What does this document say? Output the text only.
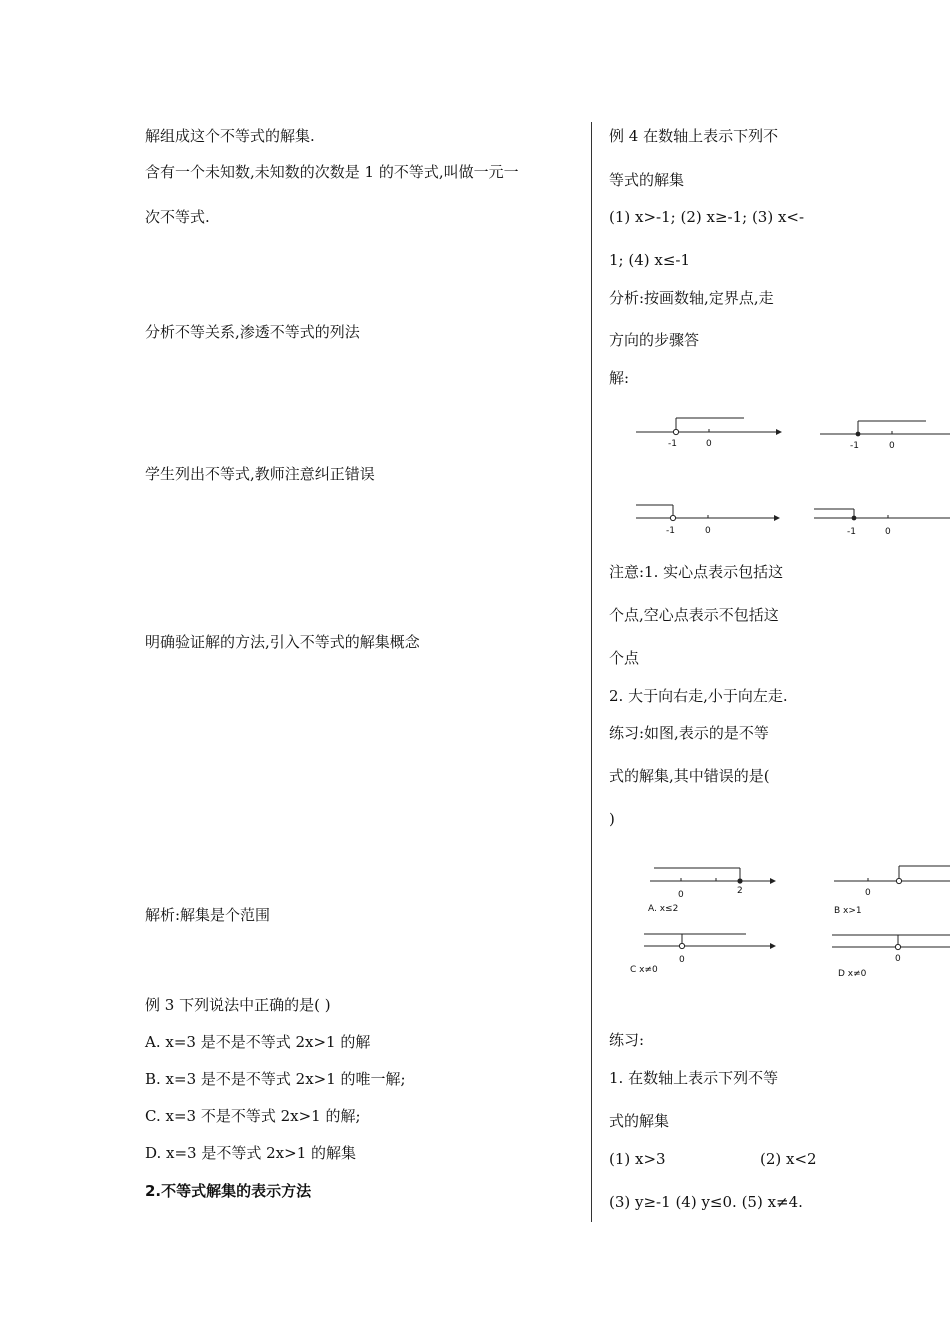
解组成这个不等式的解集.
含有一个未知数,未知数的次数是 1 的不等式,叫做一元一
次不等式.
分析不等关系,渗透不等式的列法
学生列出不等式,教师注意纠正错误
明确验证解的方法,引入不等式的解集概念
解析:解集是个范围
例 3 下列说法中正确的是( )
A. x=3 是不是不等式 2x>1 的解
B. x=3 是不是不等式 2x>1 的唯一解;
C. x=3 不是不等式 2x>1 的解;
D. x=3 是不等式 2x>1 的解集
2.不等式解集的表示方法
例 4 在数轴上表示下列不
等式的解集
(1) x>-1; (2) x≥-1; (3) x<-
1; (4) x≤-1
分析:按画数轴,定界点,走
方向的步骤答
解:
-1	0	-1	0
-1	0	-1	0
注意:1. 实心点表示包括这
个点,空心点表示不包括这
个点
2. 大于向右走,小于向左走.
练习:如图,表示的是不等
式的解集,其中错误的是(
)
0	2
A. x≤2
0
B x>1
0
C x≠0
0
D x≠0
练习:
1. 在数轴上表示下列不等
式的解集
(1) x>3	(2) x<2
(3) y≥-1 (4) y≤0. (5) x≠4.
